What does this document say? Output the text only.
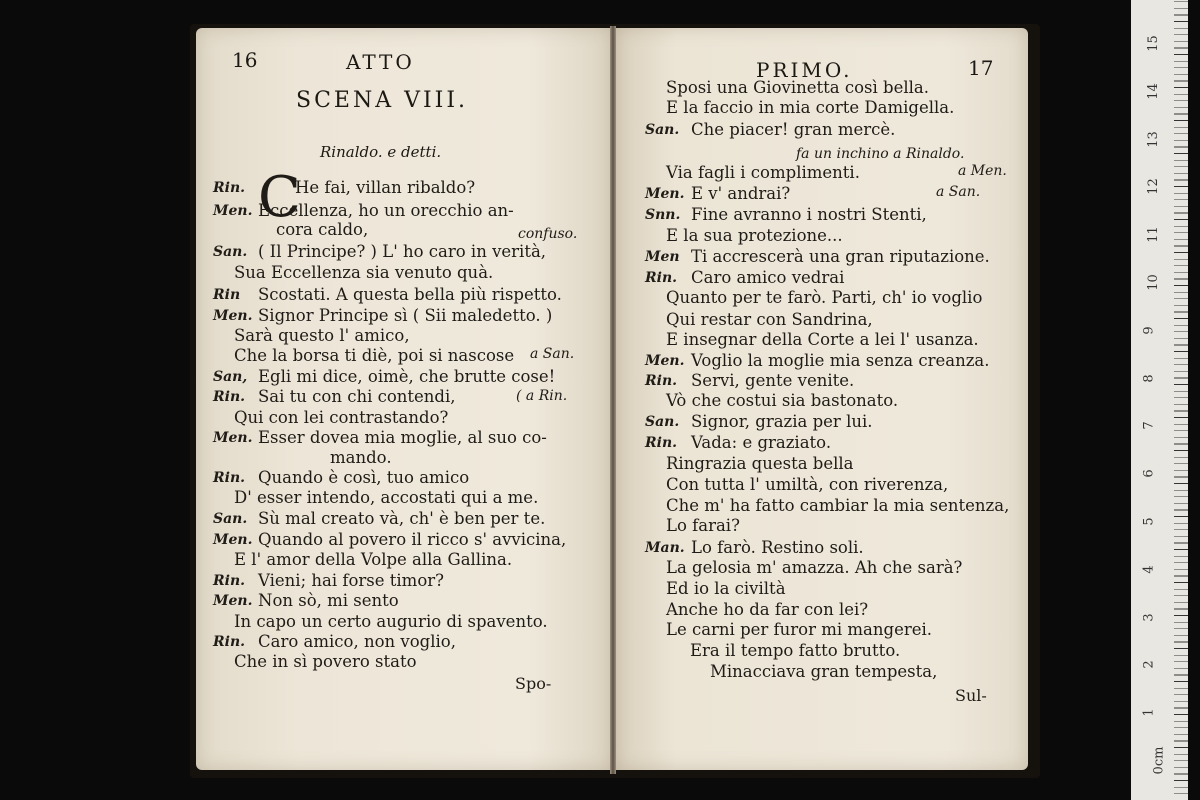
16	ATTO
SCENA VIII.
Rinaldo. e detti.
C
Rin.	He fai, villan ribaldo?
Men. Eccellenza, ho un orecchio an-
cora caldo,
San. ( Il Principe? ) L' ho caro in verità,
Sua Eccellenza sia venuto quà.
Rin Scostati. A questa bella più rispetto.
Men. Signor Principe sì ( Sii maledetto. )
Sarà questo l' amico,
Che la borsa ti diè, poi si nascose
San, Egli mi dice, oimè, che brutte cose!
Rin. Sai tu con chi contendi,
Qui con lei contrastando?
Men. Esser dovea mia moglie, al suo co-
mando.
Rin. Quando è così, tuo amico
D' esser intendo, accostati qui a me.
San. Sù mal creato và, ch' è ben per te.
Men. Quando al povero il ricco s' avvicina,
E l' amor della Volpe alla Gallina.
Rin. Vieni; hai forse timor?
Men. Non sò, mi sento
In capo un certo augurio di spavento.
Rin. Caro amico, non voglio,
Che in sì povero stato
confuso.
a San.
( a Rin.
Spo-
PRIMO.	17
Sposi una Giovinetta così bella.
E la faccio in mia corte Damigella.
San. Che piacer! gran mercè.
Via fagli i complimenti.
Men. E v' andrai?
Snn. Fine avranno i nostri Stenti,
E la sua protezione...
Men Ti accrescerà una gran riputazione.
Rin. Caro amico vedrai
Quanto per te farò. Parti, ch' io voglio
Qui restar con Sandrina,
E insegnar della Corte a lei l' usanza.
Men. Voglio la moglie mia senza creanza.
Rin. Servi, gente venite.
Vò che costui sia bastonato.
San. Signor, grazia per lui.
Rin. Vada: e graziato.
Ringrazia questa bella
Con tutta l' umiltà, con riverenza,
Che m' ha fatto cambiar la mia sentenza,
Lo farai?
Man. Lo farò. Restino soli.
La gelosia m' amazza. Ah che sarà?
Ed io la civiltà
Anche ho da far con lei?
Le carni per furor mi mangerei.
Era il tempo fatto brutto.
Minacciava gran tempesta,
fa un inchino a Rinaldo.
a Men.
a San.
Sul-
15
14
13
12
11
10
9
8
7
6
5
4
3
2
1
0cm
